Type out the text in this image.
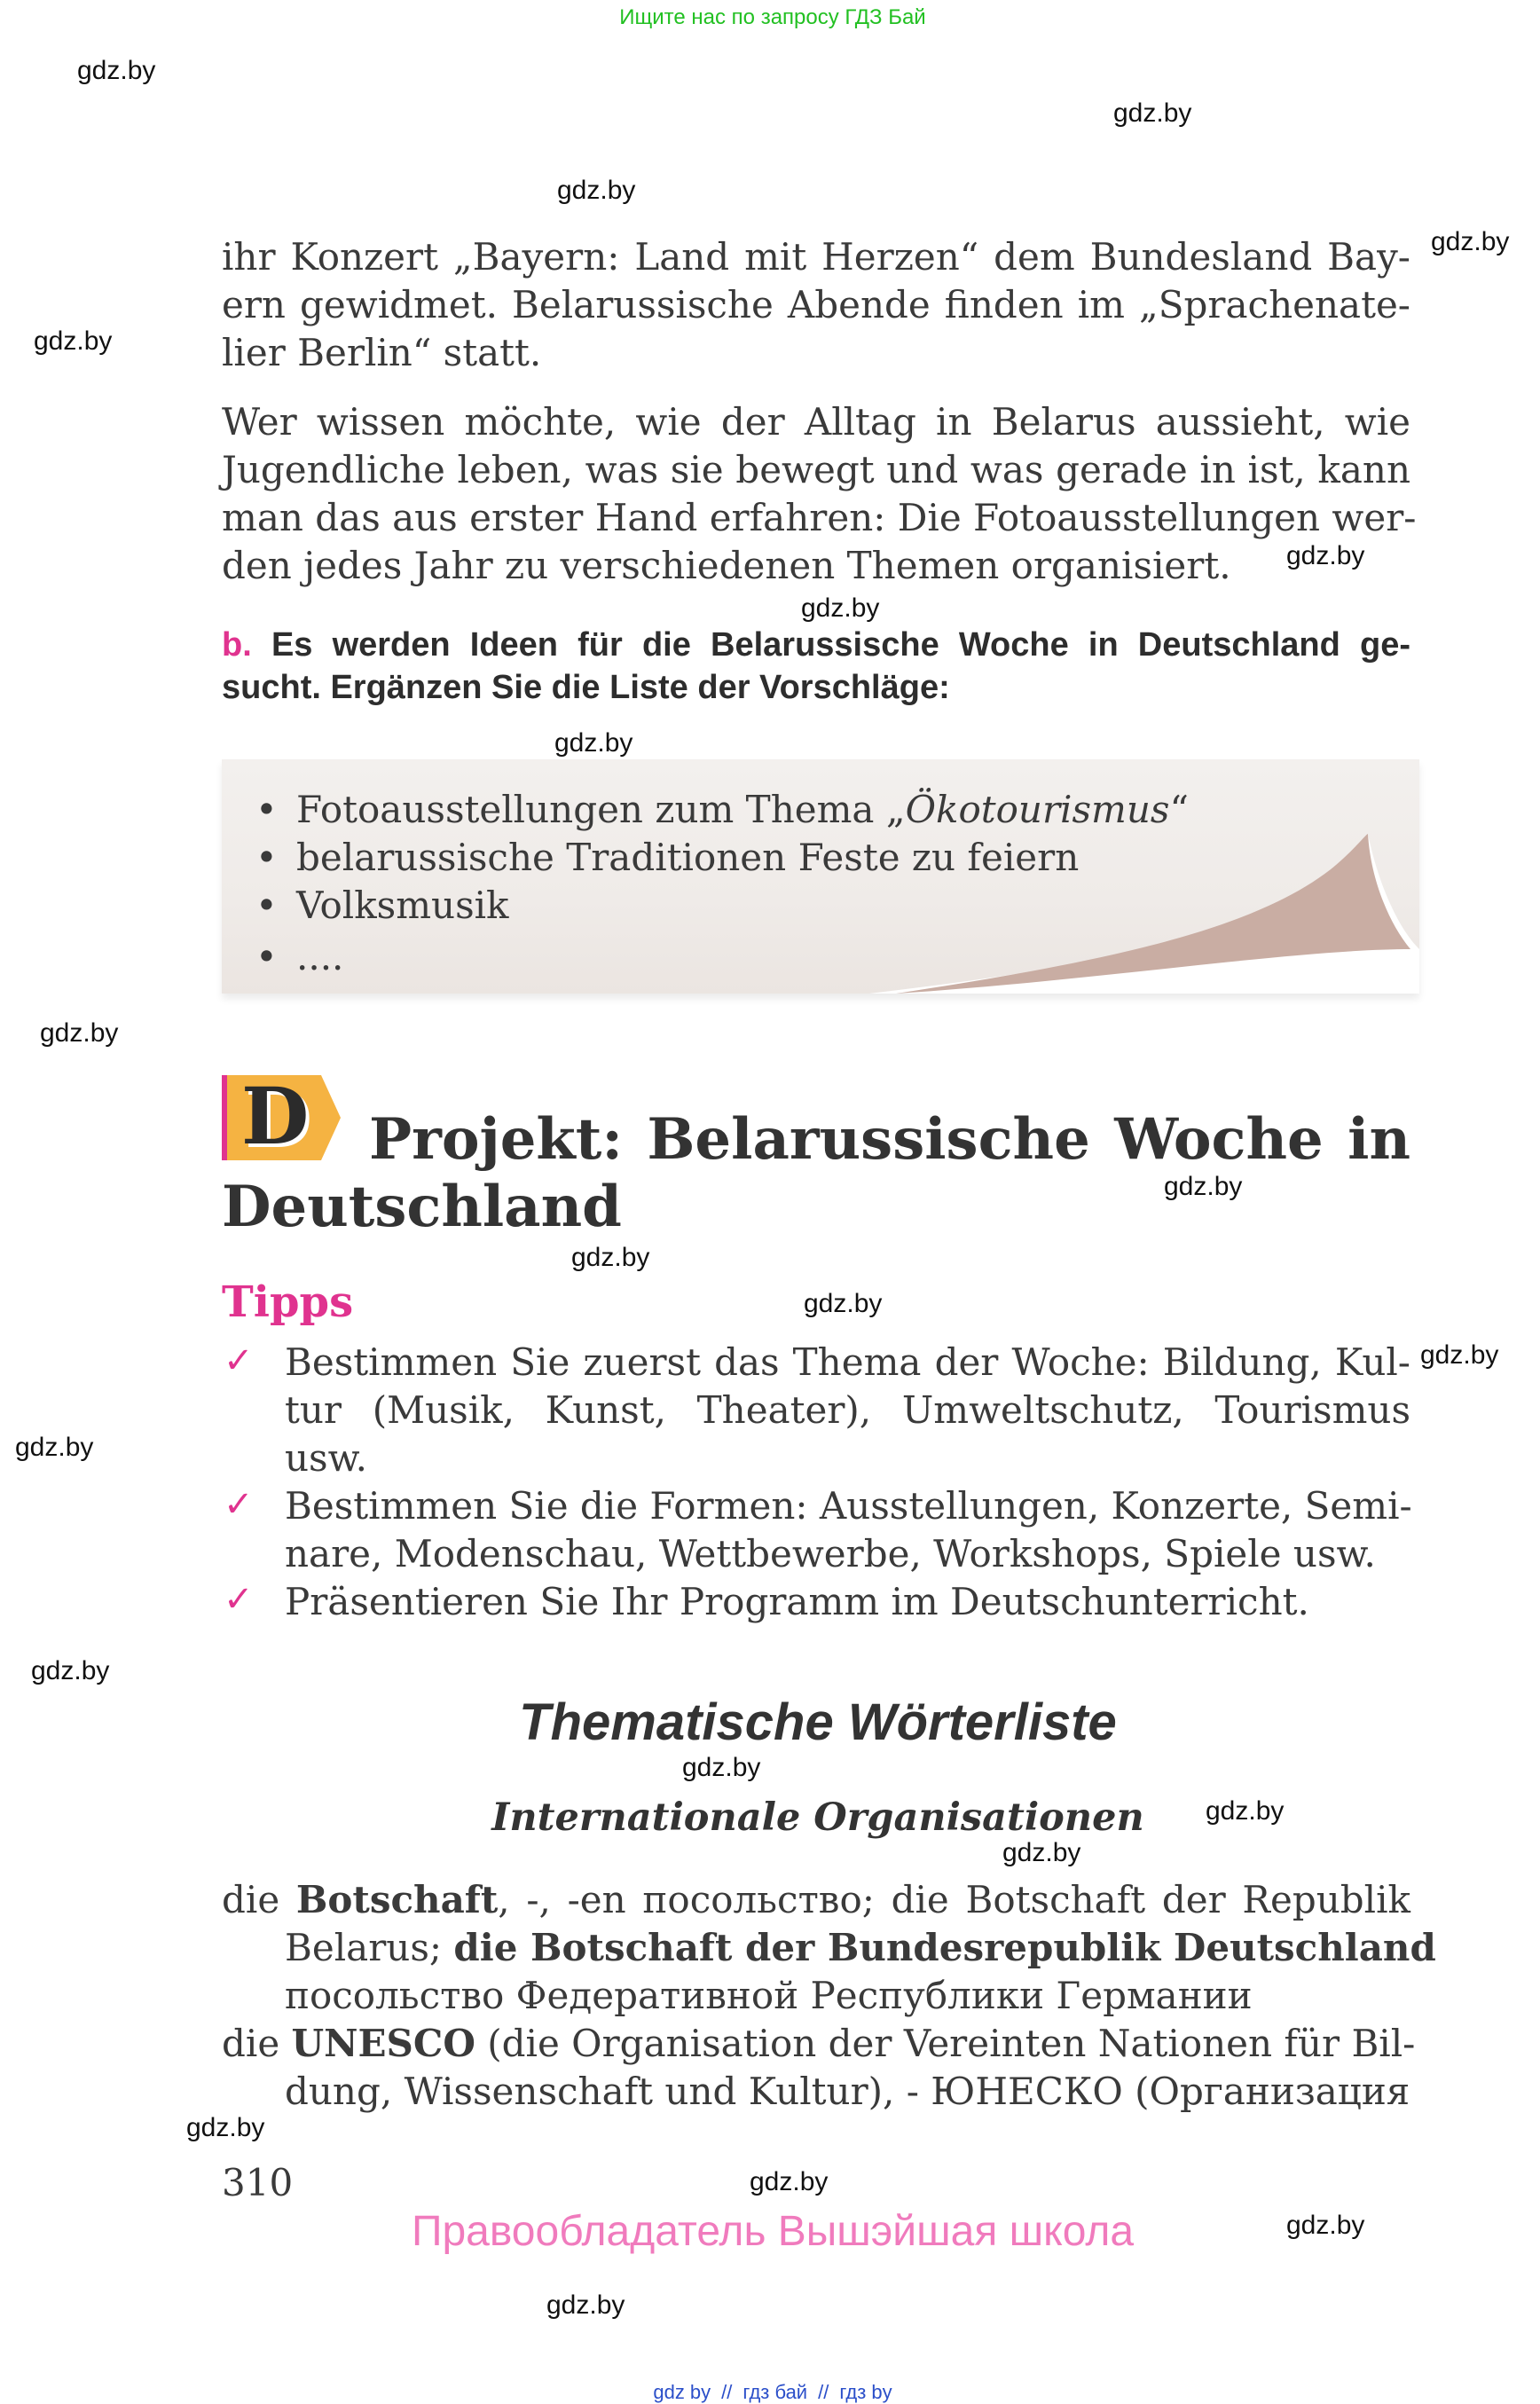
Ищите нас по запросу ГДЗ Бай
gdz.by
gdz.by
gdz.by
gdz.by
gdz.by
gdz.by
gdz.by
gdz.by
gdz.by
gdz.by
gdz.by
gdz.by
gdz.by
gdz.by
gdz.by
gdz.by
gdz.by
gdz.by
gdz.by
gdz.by
gdz.by
gdz.by
b. Es werden Ideen für die Belarussische Woche in Deutschland ge-
sucht. Ergänzen Sie die Liste der Vorschläge:
• Fotoausstellungen zum Thema „Ökotourismus“
• belarussische Traditionen Feste zu feiern
• Volksmusik
• ....
D Projekt: Belarussische Woche in
Deutschland
Tipps
✓
✓
✓
Thematische Wörterliste
Internationale Organisationen
310
Правообладатель Вышэйшая школа
gdz by // гдз бай // гдз by
ihr Konzert „Bayern: Land mit Herzen“ dem Bundesland Bay-
ern gewidmet. Belarussische Abende finden im „Sprachenate-
lier Berlin“ statt.
Wer wissen möchte, wie der Alltag in Belarus aussieht, wie
Jugendliche leben, was sie bewegt und was gerade in ist, kann
man das aus erster Hand erfahren: Die Fotoausstellungen wer-
den jedes Jahr zu verschiedenen Themen organisiert.
Bestimmen Sie zuerst das Thema der Woche: Bildung, Kul-
tur (Musik, Kunst, Theater), Umweltschutz, Tourismus
usw.
Bestimmen Sie die Formen: Ausstellungen, Konzerte, Semi-
nare, Modenschau, Wettbewerbe, Workshops, Spiele usw.
Präsentieren Sie Ihr Programm im Deutschunterricht.
die Botschaft, -, -en посольство; die Botschaft der Republik
Belarus; die Botschaft der Bundesrepublik Deutschland
посольство Федеративной Республики Германии
die UNESCO (die Organisation der Vereinten Nationen für Bil-
dung, Wissenschaft und Kultur), - ЮНЕСКО (Организация
